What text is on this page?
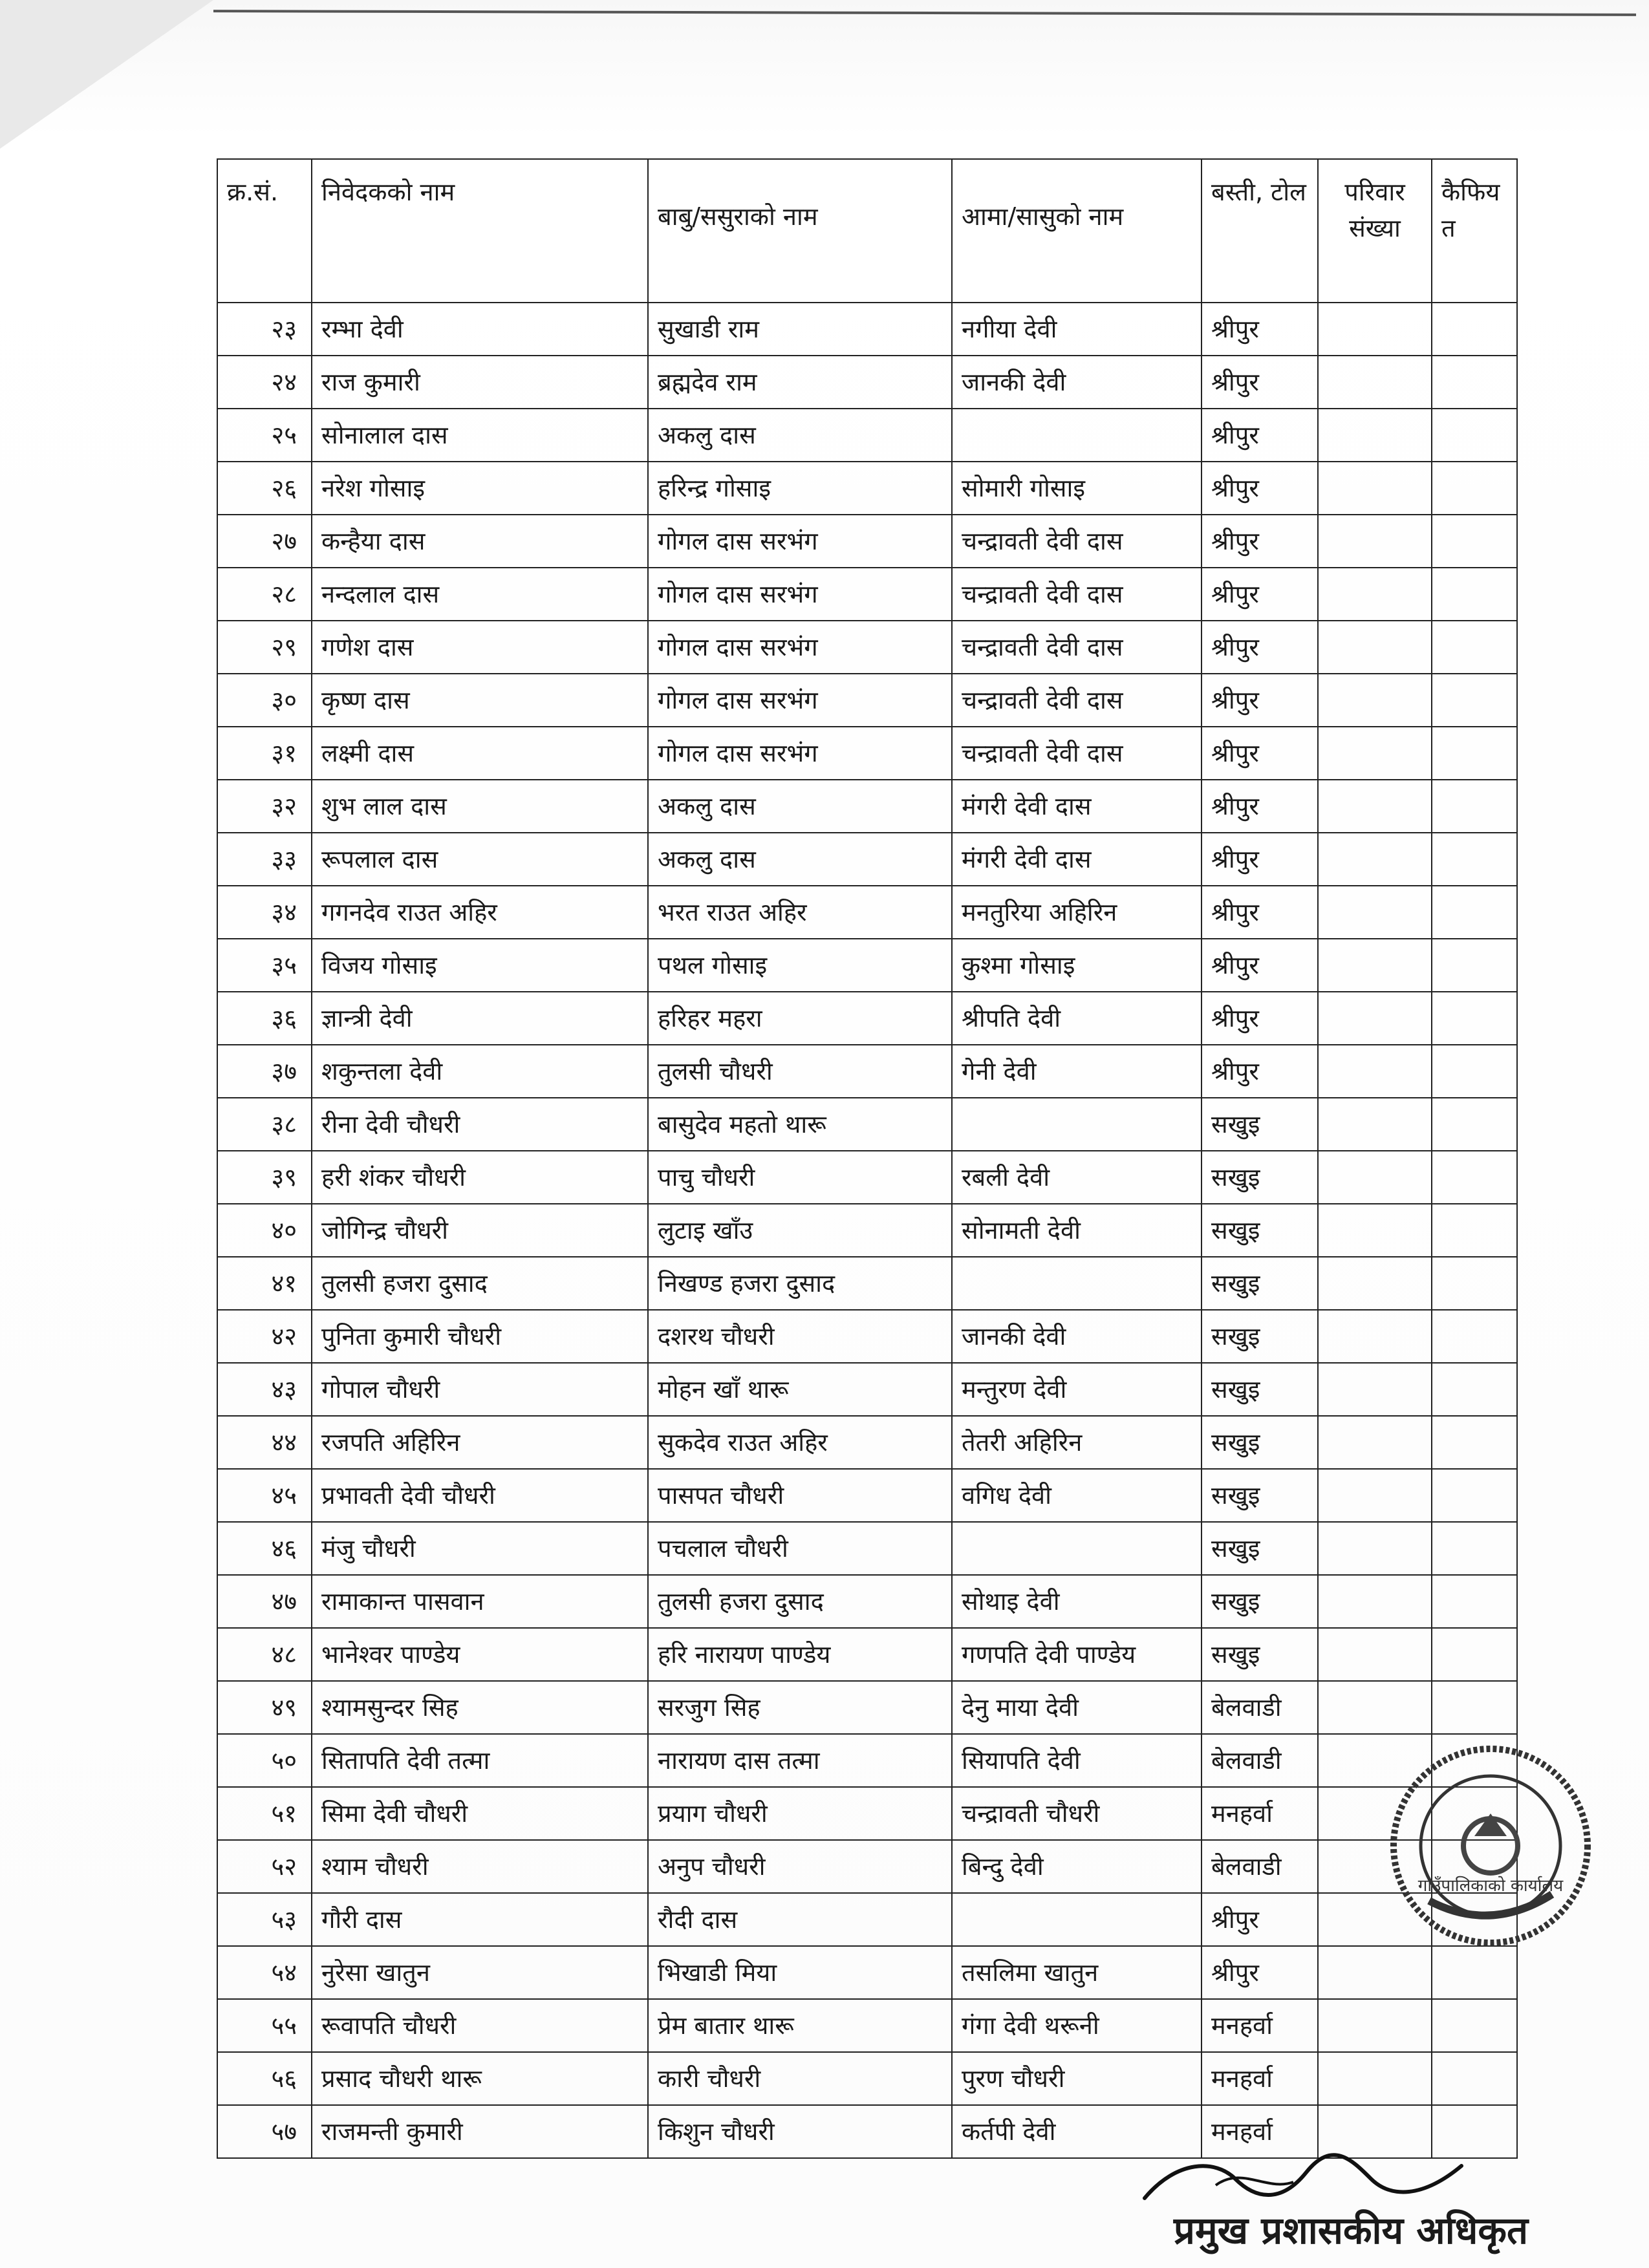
क्र.सं.	निवेदकको नाम	बाबु/ससुराको नाम	आमा/सासुको नाम	बस्ती, टोल	परिवार संख्या	कैफियत
२३	रम्भा देवी	सुखाडी राम	नगीया देवी	श्रीपुर		
२४	राज कुमारी	ब्रह्मदेव राम	जानकी देवी	श्रीपुर		
२५	सोनालाल दास	अकलु दास		श्रीपुर		
२६	नरेश गोसाइ	हरिन्द्र गोसाइ	सोमारी गोसाइ	श्रीपुर		
२७	कन्हैया दास	गोगल दास सरभंग	चन्द्रावती देवी दास	श्रीपुर		
२८	नन्दलाल दास	गोगल दास सरभंग	चन्द्रावती देवी दास	श्रीपुर		
२९	गणेश दास	गोगल दास सरभंग	चन्द्रावती देवी दास	श्रीपुर		
३०	कृष्ण दास	गोगल दास सरभंग	चन्द्रावती देवी दास	श्रीपुर		
३१	लक्ष्मी दास	गोगल दास सरभंग	चन्द्रावती देवी दास	श्रीपुर		
३२	शुभ लाल दास	अकलु दास	मंगरी देवी दास	श्रीपुर		
३३	रूपलाल दास	अकलु दास	मंगरी देवी दास	श्रीपुर		
३४	गगनदेव राउत अहिर	भरत राउत अहिर	मनतुरिया अहिरिन	श्रीपुर		
३५	विजय गोसाइ	पथल गोसाइ	कुश्मा गोसाइ	श्रीपुर		
३६	ज्ञान्त्री देवी	हरिहर महरा	श्रीपति देवी	श्रीपुर		
३७	शकुन्तला देवी	तुलसी चौधरी	गेनी देवी	श्रीपुर		
३८	रीना देवी चौधरी	बासुदेव महतो थारू		सखुइ		
३९	हरी शंकर चौधरी	पाचु चौधरी	रबली देवी	सखुइ		
४०	जोगिन्द्र चौधरी	लुटाइ खाँउ	सोनामती देवी	सखुइ		
४१	तुलसी हजरा दुसाद	निखण्ड हजरा दुसाद		सखुइ		
४२	पुनिता कुमारी चौधरी	दशरथ चौधरी	जानकी देवी	सखुइ		
४३	गोपाल चौधरी	मोहन खाँ थारू	मन्तुरण देवी	सखुइ		
४४	रजपति अहिरिन	सुकदेव राउत अहिर	तेतरी अहिरिन	सखुइ		
४५	प्रभावती देवी चौधरी	पासपत चौधरी	वगिध देवी	सखुइ		
४६	मंजु चौधरी	पचलाल चौधरी		सखुइ		
४७	रामाकान्त पासवान	तुलसी हजरा दुसाद	सोथाइ देवी	सखुइ		
४८	भानेश्वर पाण्डेय	हरि नारायण पाण्डेय	गणपति देवी पाण्डेय	सखुइ		
४९	श्यामसुन्दर सिह	सरजुग सिह	देनु माया देवी	बेलवाडी		
५०	सितापति देवी तत्मा	नारायण दास तत्मा	सियापति देवी	बेलवाडी		
५१	सिमा देवी चौधरी	प्रयाग चौधरी	चन्द्रावती चौधरी	मनहर्वा		
५२	श्याम चौधरी	अनुप चौधरी	बिन्दु देवी	बेलवाडी		
५३	गौरी दास	रौदी दास		श्रीपुर		
५४	नुरेसा खातुन	भिखाडी मिया	तसलिमा खातुन	श्रीपुर		
५५	रूवापति चौधरी	प्रेम बातार थारू	गंगा देवी थरूनी	मनहर्वा		
५६	प्रसाद चौधरी थारू	कारी चौधरी	पुरण चौधरी	मनहर्वा		
५७	राजमन्ती कुमारी	किशुन चौधरी	कर्तपी देवी	मनहर्वा		
गाउँपालिकाको कार्यालय
प्रमुख प्रशासकीय अधिकृत
